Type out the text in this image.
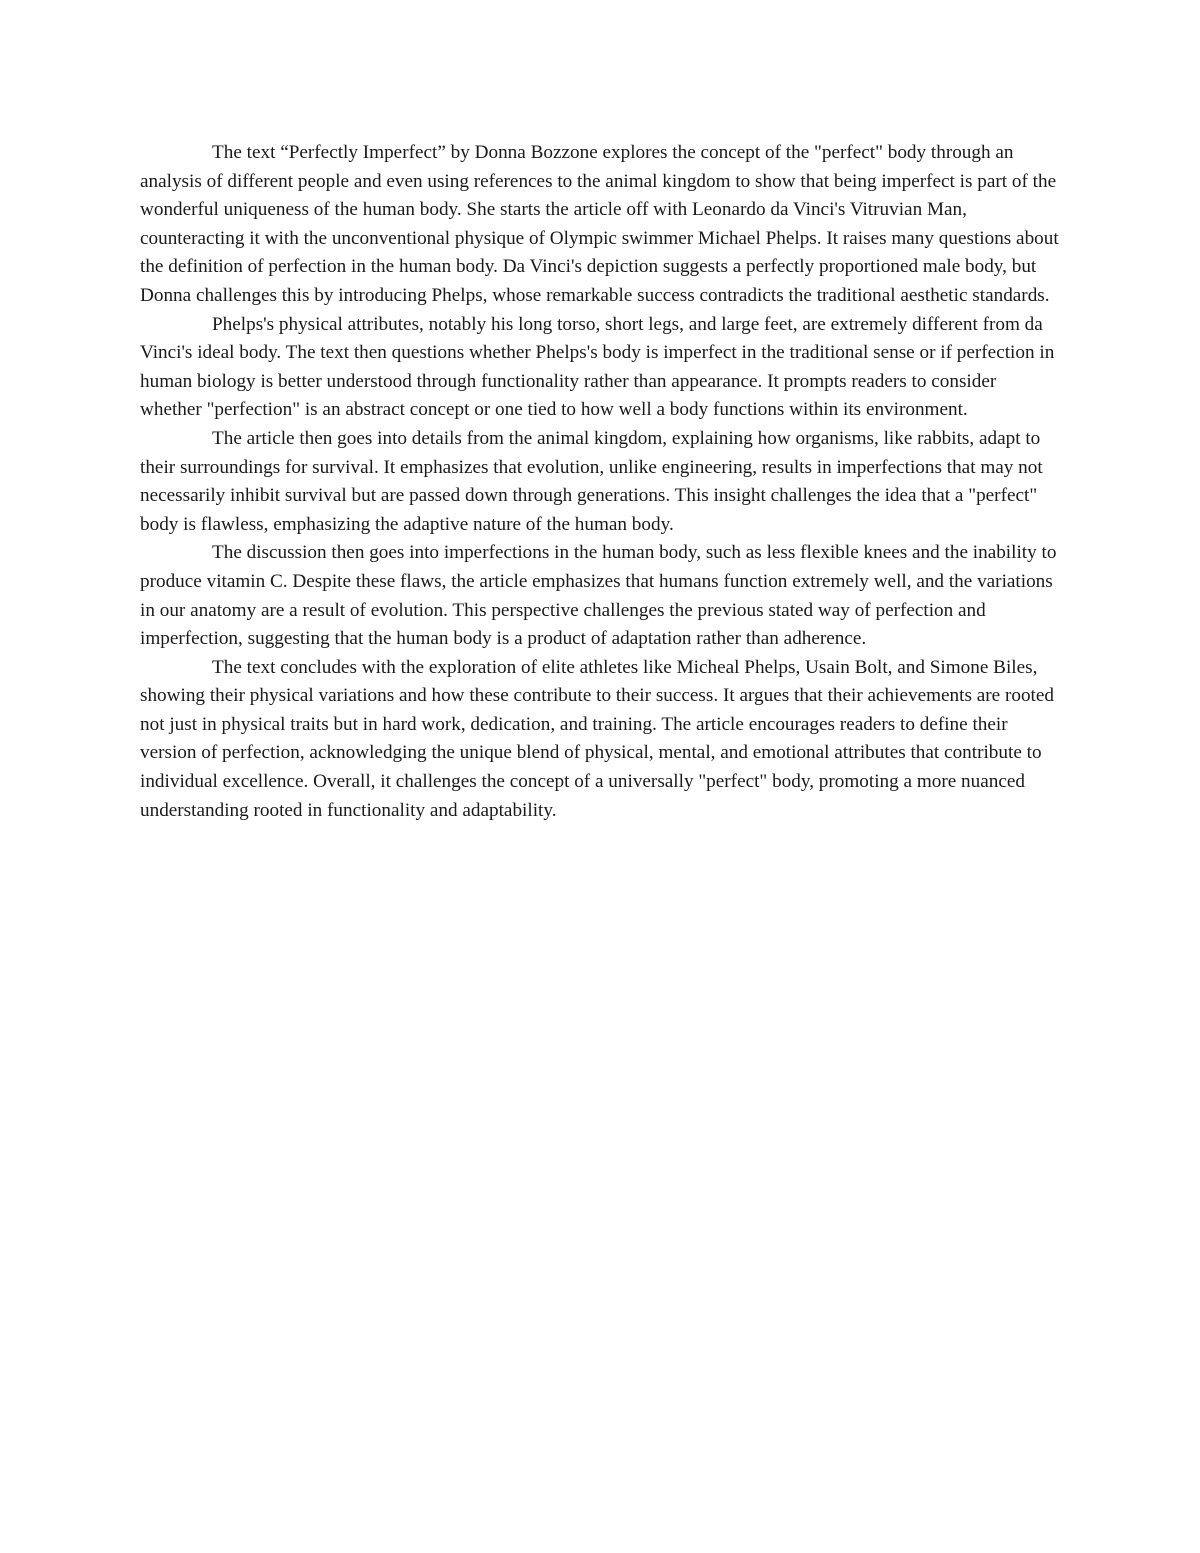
The text “Perfectly Imperfect” by Donna Bozzone explores the concept of the "perfect" body through an analysis of different people and even using references to the animal kingdom to show that being imperfect is part of the wonderful uniqueness of the human body. She starts the article off with Leonardo da Vinci's Vitruvian Man, counteracting it with the unconventional physique of Olympic swimmer Michael Phelps. It raises many questions about the definition of perfection in the human body. Da Vinci's depiction suggests a perfectly proportioned male body, but Donna challenges this by introducing Phelps, whose remarkable success contradicts the traditional aesthetic standards.

Phelps's physical attributes, notably his long torso, short legs, and large feet, are extremely different from da Vinci's ideal body. The text then questions whether Phelps's body is imperfect in the traditional sense or if perfection in human biology is better understood through functionality rather than appearance. It prompts readers to consider whether "perfection" is an abstract concept or one tied to how well a body functions within its environment.

The article then goes into details from the animal kingdom, explaining how organisms, like rabbits, adapt to their surroundings for survival. It emphasizes that evolution, unlike engineering, results in imperfections that may not necessarily inhibit survival but are passed down through generations. This insight challenges the idea that a "perfect" body is flawless, emphasizing the adaptive nature of the human body.

The discussion then goes into imperfections in the human body, such as less flexible knees and the inability to produce vitamin C. Despite these flaws, the article emphasizes that humans function extremely well, and the variations in our anatomy are a result of evolution. This perspective challenges the previous stated way of perfection and imperfection, suggesting that the human body is a product of adaptation rather than adherence.

The text concludes with the exploration of elite athletes like Micheal Phelps, Usain Bolt, and Simone Biles, showing their physical variations and how these contribute to their success. It argues that their achievements are rooted not just in physical traits but in hard work, dedication, and training. The article encourages readers to define their version of perfection, acknowledging the unique blend of physical, mental, and emotional attributes that contribute to individual excellence. Overall, it challenges the concept of a universally "perfect" body, promoting a more nuanced understanding rooted in functionality and adaptability.
